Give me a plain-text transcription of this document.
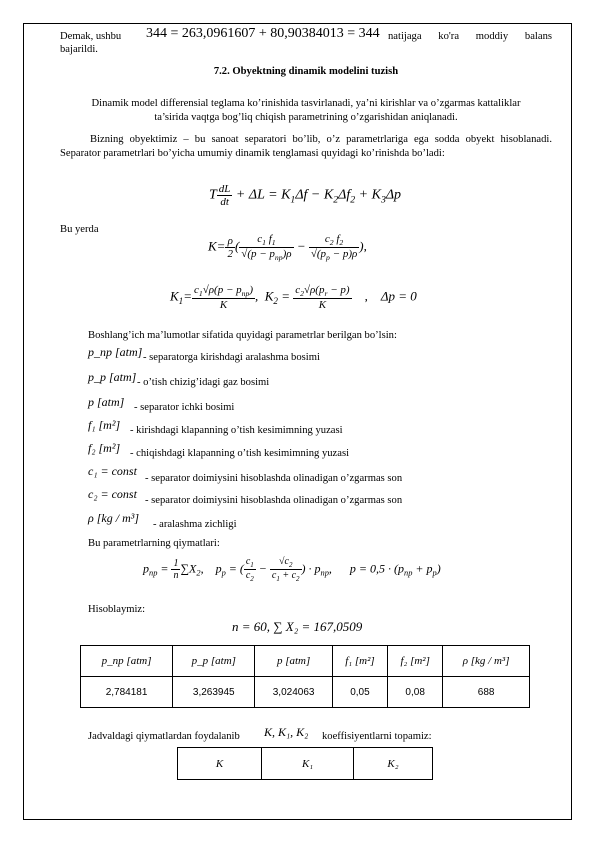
Demak, ushbu 344 = 263,0961607 + 80,90384013 = 344 natijaga ko'ra moddiy balans
bajarildi.
7.2. Obyektning dinamik modelini tuzish
Dinamik model differensial teglama ko’rinishida tasvirlanadi, ya’ni kirishlar va o’zgarmas kattaliklar
ta’sirida vaqtga bog’liq chiqish parametrining o’zgarishidan aniqlanadi.
Bizning obyektimiz – bu sanoat separatori bo’lib, o’z parametrlariga ega sodda obyekt hisoblanadi. Separator parametrlari bo’yicha umumiy dinamik tenglamasi quyidagi ko’rinishda bo’ladi:
T $\frac{dL}{dt} + \Delta L = K_1\Delta f - K_2\Delta f_2 + K_3\Delta p$
Bu yerda
$K= \frac{\rho}{2}$ ( $\frac{c_1 f_1}{√(p - p_{np})\rho} - \frac{c_2 f_2}{√(p_p - p)\rho}$ ),
$K_1= \frac{c_1√\rho(p - p_{np})}{K}$ ,  $K_2 = \frac{c_2√\rho(p_r - p)}{K}$ ,    Δp = 0
Boshlang’ich ma’lumotlar sifatida quyidagi parametrlar berilgan bo’lsin:
p_np [atm] - separatorga kirishdagi aralashma bosimi
p_p [atm] - o’tish chizig’idagi gaz bosimi
p [atm] - separator ichki bosimi
f₁ [m²] - kirishdagi klapanning o’tish kesimimning yuzasi
f₂ [m²] - chiqishdagi klapanning o’tish kesimimning yuzasi
c₁ = const
- separator doimiysini hisoblashda olinadigan o’zgarmas son
c₂ = const - separator doimiysini hisoblashda olinadigan o’zgarmas son
ρ [kg / m³] - aralashma zichligi
Bu parametrlarning qiymatlari:
$p_{np} = \frac{1}{n} \sum X_2$,    $p_p$ = ( $\frac{c_1}{c_2} - \frac{√c_2}{c_1 + c_2}$ ) · $p_{np}$,      $p = 0,5 \cdot (p_{np} + p_p)$
Hisoblaymiz:
n = 60, ∑ X₂ = 167,0509
p_np [atm]	p_p [atm]	p [atm]	f₁ [m²]	f₂ [m²]	ρ [kg / m³]
2,784181	3,263945	3,024063	0,05	0,08	688
Jadvaldagi qiymatlardan foydalanib K, K₁, K₂ koeffisiyentlarni topamiz:
K	K₁	K₂
